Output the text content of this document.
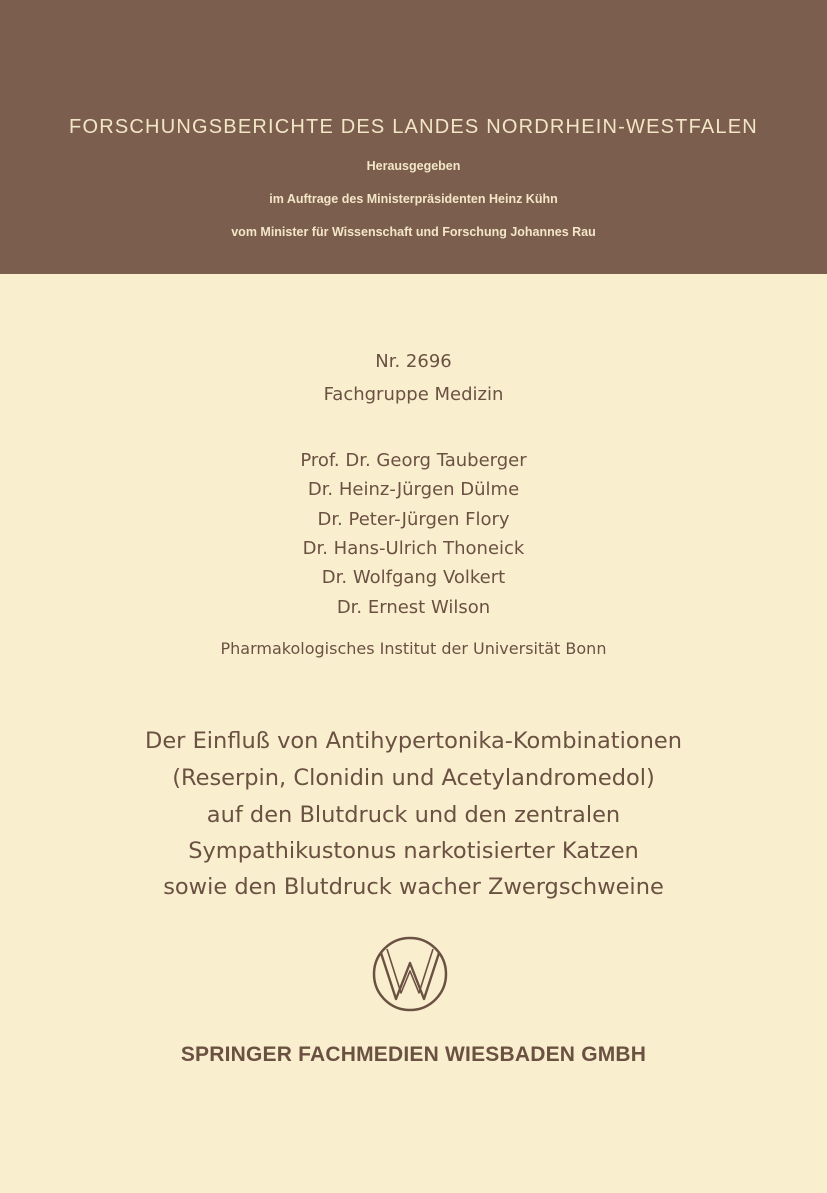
FORSCHUNGSBERICHTE DES LANDES NORDRHEIN-WESTFALEN
Herausgegeben
im Auftrage des Ministerpräsidenten Heinz Kühn
vom Minister für Wissenschaft und Forschung Johannes Rau
Nr. 2696
Fachgruppe Medizin
Prof. Dr. Georg Tauberger
Dr. Heinz-Jürgen Dülme
Dr. Peter-Jürgen Flory
Dr. Hans-Ulrich Thoneick
Dr. Wolfgang Volkert
Dr. Ernest Wilson
Pharmakologisches Institut der Universität Bonn
Der Einfluß von Antihypertonika-Kombinationen
(Reserpin, Clonidin und Acetylandromedol)
auf den Blutdruck und den zentralen
Sympathikustonus narkotisierter Katzen
sowie den Blutdruck wacher Zwergschweine
SPRINGER FACHMEDIEN WIESBADEN GMBH
